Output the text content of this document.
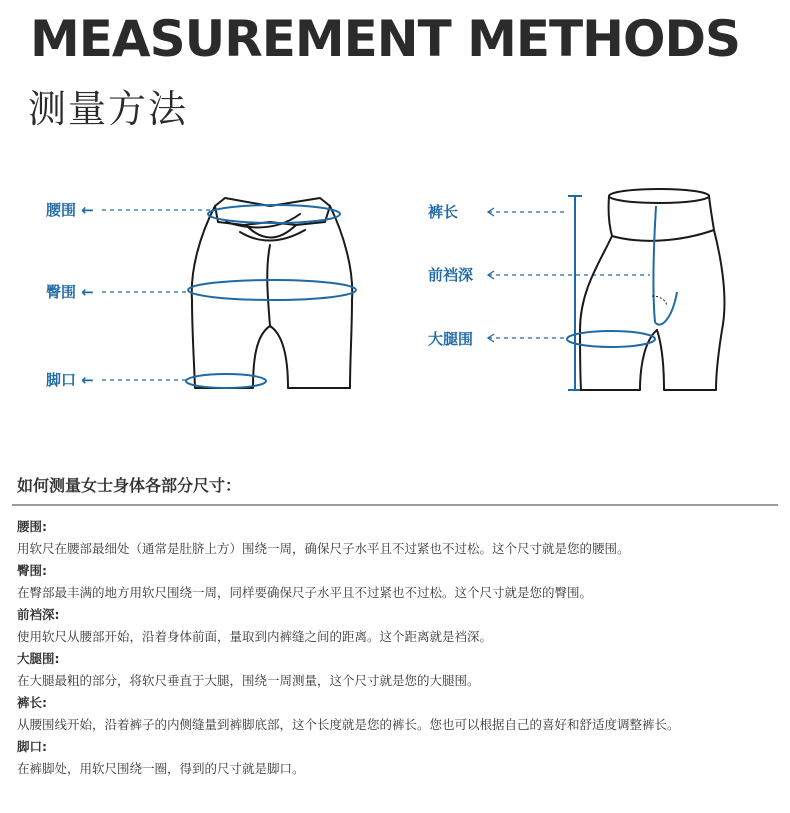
MEASUREMENT METHODS
测量方法
腰围 ←
臀围 ←
脚口 ←
裤长
前裆深
大腿围
如何测量女士身体各部分尺寸：
腰围:
用软尺在腰部最细处（通常是肚脐上方）围绕一周，确保尺子水平且不过紧也不过松。这个尺寸就是您的腰围。
臀围:
在臀部最丰满的地方用软尺围绕一周，同样要确保尺子水平且不过紧也不过松。这个尺寸就是您的臀围。
前裆深:
使用软尺从腰部开始，沿着身体前面，量取到内裤缝之间的距离。这个距离就是裆深。
大腿围:
在大腿最粗的部分，将软尺垂直于大腿，围绕一周测量，这个尺寸就是您的大腿围。
裤长:
从腰围线开始，沿着裤子的内侧缝量到裤脚底部，这个长度就是您的裤长。您也可以根据自己的喜好和舒适度调整裤长。
脚口:
在裤脚处，用软尺围绕一圈，得到的尺寸就是脚口。
